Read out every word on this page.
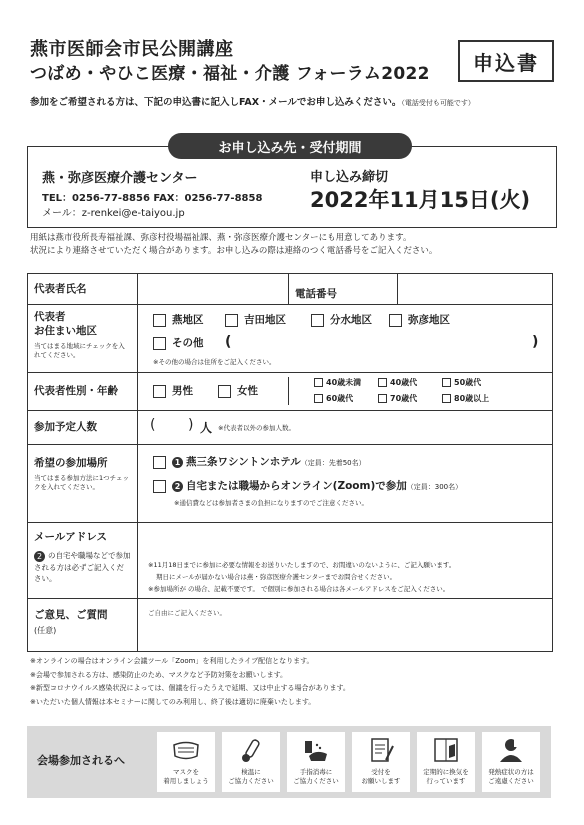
燕市医師会市民公開講座
つばめ・やひこ医療・福祉・介護 フォーラム2022	申込書
参加をご希望される方は、下記の申込書に記入しFAX・メールでお申し込みください。（電話受付も可能です）
燕・弥彦医療介護センター
TEL：0256-77-8856 FAX：0256-77-8858
メール：z-renkei@e-taiyou.jp
申し込み締切
2022年11月15日(火)
お申し込み先・受付期間
用紙は燕市役所長寿福祉課、弥彦村役場福祉課、燕・弥彦医療介護センターにも用意してあります。
状況により連絡させていただく場合があります。お申し込みの際は連絡のつく電話番号をご記入ください。
代表者氏名	電話番号
代表者
お住まい地区
当てはまる地域にチェックを入れてください。
燕地区	吉田地区	分水地区	弥彦地区
その他 (	)
※その他の場合は住所をご記入ください。
代表者性別・年齢	男性	女性
40歳未満	40歳代	50歳代
60歳代	70歳代	80歳以上
参加予定人数	( ) 人 ※代表者以外の参加人数。
希望の参加場所
当てはまる参加方法に1つチェックを入れてください。
1 燕三条ワシントンホテル（定員：先着50名）
2 自宅または職場からオンライン(Zoom)で参加（定員：300名）
※通信費などは参加者さまの負担になりますのでご注意ください。
メールアドレス
2 の自宅や職場などで参加される方は必ずご記入ください。
※11月18日までに参加に必要な情報をお送りいたしますので、お間違いのないように、ご記入願います。
期日にメールが届かない場合は燕・弥彦医療介護センターまでお問合せください。
※参加場所が の場合、記載不要です。 で個別に参加される場合は各メールアドレスをご記入ください。
ご意見、ご質問
(任意)
ご自由にご記入ください。
※オンラインの場合はオンライン会議ツール「Zoom」を利用したライブ配信となります。
※会場で参加される方は、感染防止のため、マスクなど予防対策をお願いします。
※新型コロナウイルス感染状況によっては、個議を行ったうえで延期、又は中止する場合があります。
※いただいた個人情報は本セミナーに関してのみ利用し、終了後は適切に廃棄いたします。
会場参加されるへ
マスクを
着用しましょう
検温に
ご協力ください
手指消毒に
ご協力ください
受付を
お願いします
定期的に換気を
行っています
発熱症状の方は
ご遠慮ください
